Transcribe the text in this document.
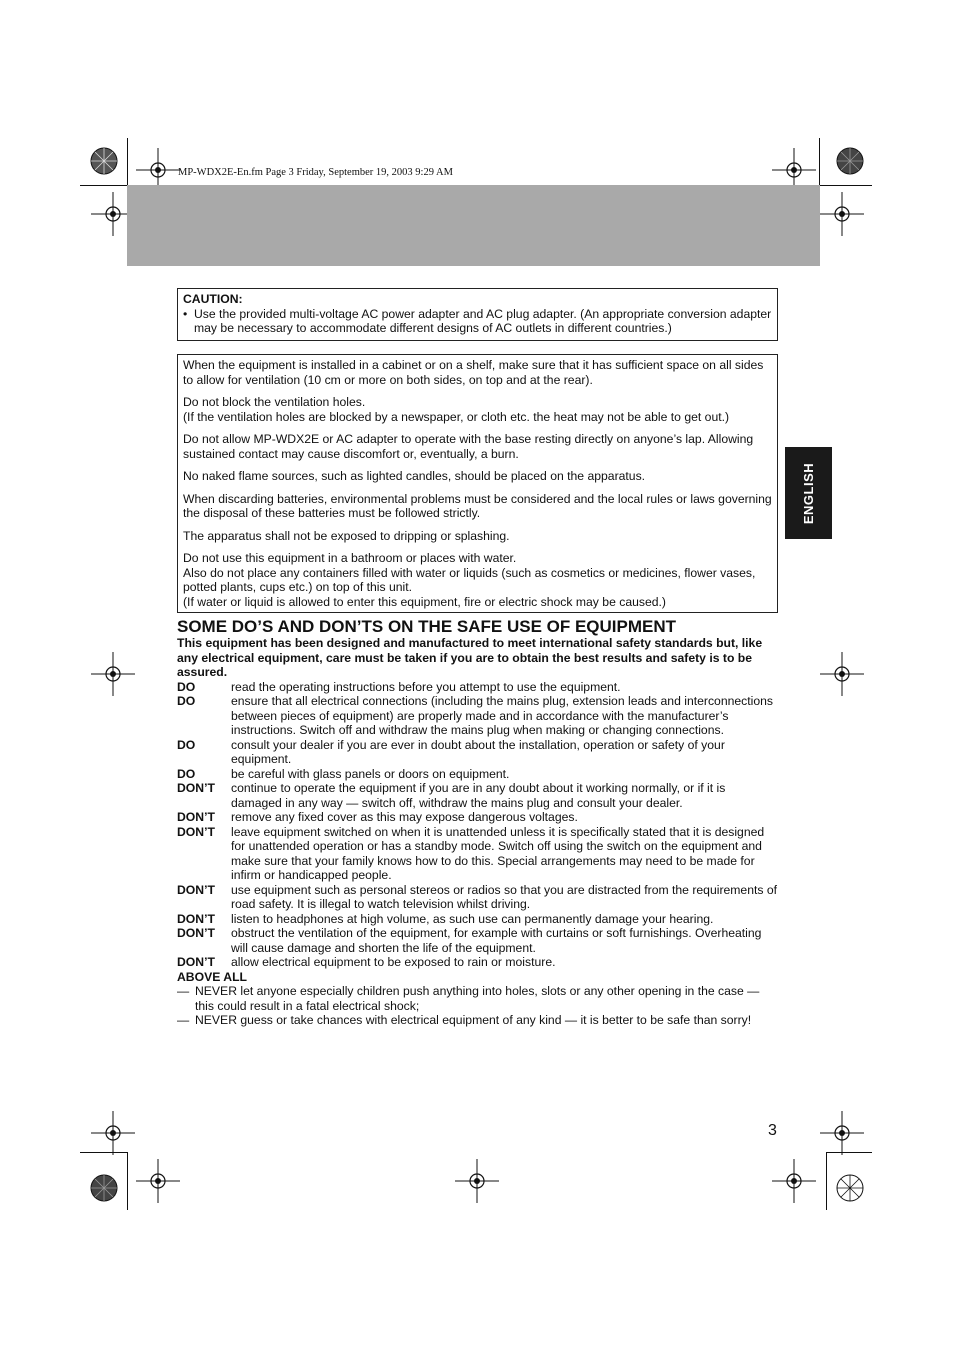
MP-WDX2E-En.fm Page 3 Friday, September 19, 2003 9:29 AM
ENGLISH
CAUTION:
• Use the provided multi-voltage AC power adapter and AC plug adapter. (An appropriate conversion adapter may be necessary to accommodate different designs of AC outlets in different countries.)

When the equipment is installed in a cabinet or on a shelf, make sure that it has sufficient space on all sides to allow for ventilation (10 cm or more on both sides, on top and at the rear).

Do not block the ventilation holes.
(If the ventilation holes are blocked by a newspaper, or cloth etc. the heat may not be able to get out.)

Do not allow MP-WDX2E or AC adapter to operate with the base resting directly on anyone’s lap. Allowing sustained contact may cause discomfort or, eventually, a burn.

No naked flame sources, such as lighted candles, should be placed on the apparatus.

When discarding batteries, environmental problems must be considered and the local rules or laws governing the disposal of these batteries must be followed strictly.

The apparatus shall not be exposed to dripping or splashing.

Do not use this equipment in a bathroom or places with water.
Also do not place any containers filled with water or liquids (such as cosmetics or medicines, flower vases, potted plants, cups etc.) on top of this unit.
(If water or liquid is allowed to enter this equipment, fire or electric shock may be caused.)

SOME DO’S AND DON’TS ON THE SAFE USE OF EQUIPMENT

This equipment has been designed and manufactured to meet international safety standards but, like any electrical equipment, care must be taken if you are to obtain the best results and safety is to be assured.

DO	read the operating instructions before you attempt to use the equipment.
DO	ensure that all electrical connections (including the mains plug, extension leads and interconnections between pieces of equipment) are properly made and in accordance with the manufacturer’s instructions. Switch off and withdraw the mains plug when making or changing connections.
DO	consult your dealer if you are ever in doubt about the installation, operation or safety of your equipment.
DO	be careful with glass panels or doors on equipment.
DON’T	continue to operate the equipment if you are in any doubt about it working normally, or if it is damaged in any way — switch off, withdraw the mains plug and consult your dealer.
DON’T	remove any fixed cover as this may expose dangerous voltages.
DON’T	leave equipment switched on when it is unattended unless it is specifically stated that it is designed for unattended operation or has a standby mode. Switch off using the switch on the equipment and make sure that your family knows how to do this. Special arrangements may need to be made for infirm or handicapped people.
DON’T	use equipment such as personal stereos or radios so that you are distracted from the requirements of road safety. It is illegal to watch television whilst driving.
DON’T	listen to headphones at high volume, as such use can permanently damage your hearing.
DON’T	obstruct the ventilation of the equipment, for example with curtains or soft furnishings. Overheating will cause damage and shorten the life of the equipment.
DON’T	allow electrical equipment to be exposed to rain or moisture.
ABOVE ALL
— NEVER let anyone especially children push anything into holes, slots or any other opening in the case — this could result in a fatal electrical shock;
— NEVER guess or take chances with electrical equipment of any kind — it is better to be safe than sorry!
3
